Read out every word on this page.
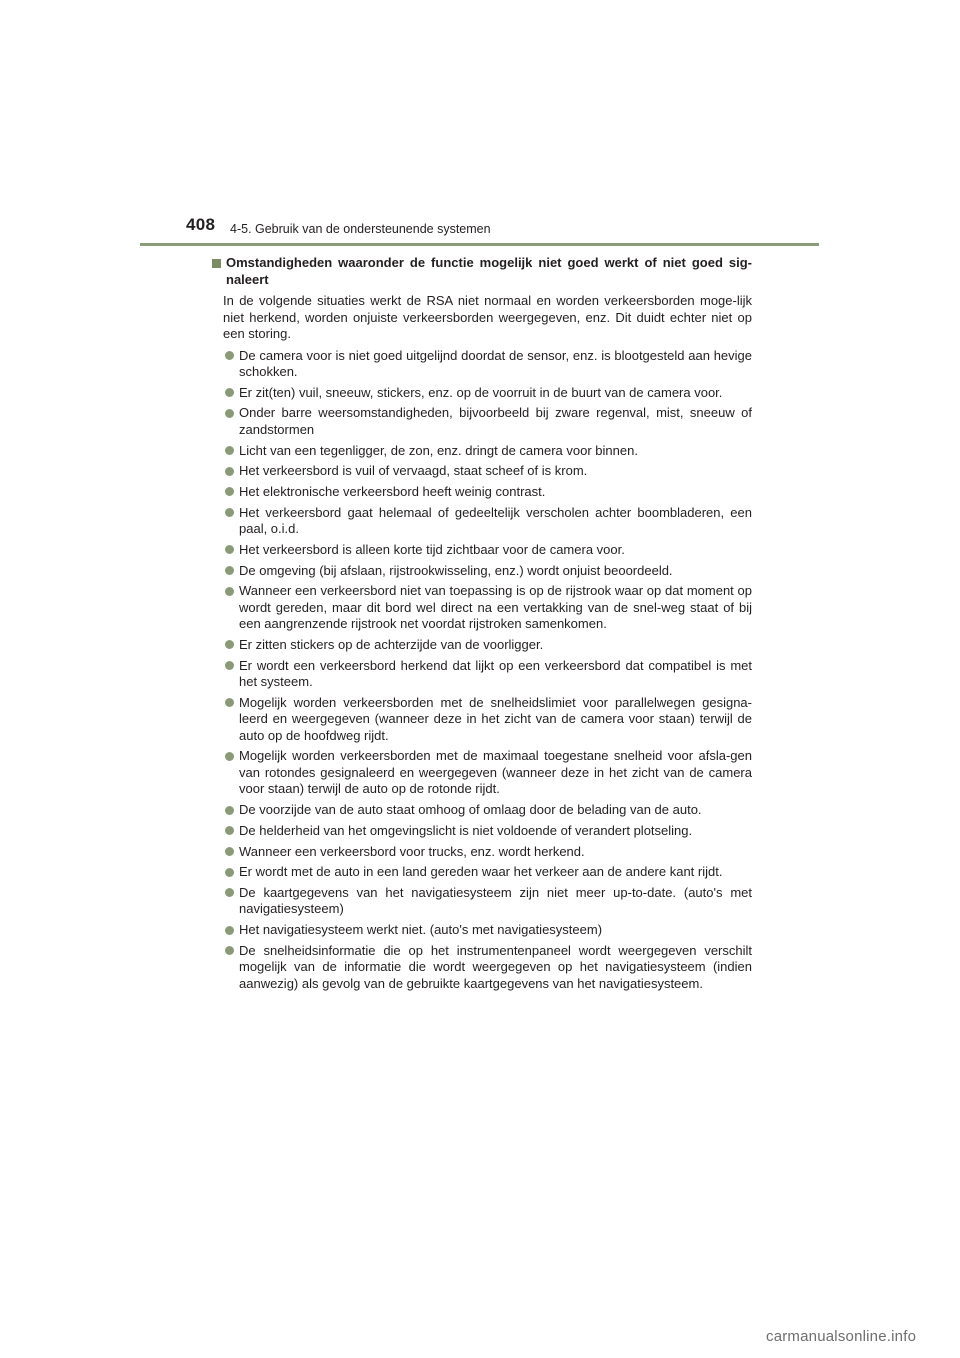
408 4-5. Gebruik van de ondersteunende systemen
Omstandigheden waaronder de functie mogelijk niet goed werkt of niet goed sig-naleert

In de volgende situaties werkt de RSA niet normaal en worden verkeersborden moge-lijk niet herkend, worden onjuiste verkeersborden weergegeven, enz. Dit duidt echter niet op een storing.

De camera voor is niet goed uitgelijnd doordat de sensor, enz. is blootgesteld aan hevige schokken.
Er zit(ten) vuil, sneeuw, stickers, enz. op de voorruit in de buurt van de camera voor.
Onder barre weersomstandigheden, bijvoorbeeld bij zware regenval, mist, sneeuw of zandstormen
Licht van een tegenligger, de zon, enz. dringt de camera voor binnen.
Het verkeersbord is vuil of vervaagd, staat scheef of is krom.
Het elektronische verkeersbord heeft weinig contrast.
Het verkeersbord gaat helemaal of gedeeltelijk verscholen achter boombladeren, een paal, o.i.d.
Het verkeersbord is alleen korte tijd zichtbaar voor de camera voor.
De omgeving (bij afslaan, rijstrookwisseling, enz.) wordt onjuist beoordeeld.
Wanneer een verkeersbord niet van toepassing is op de rijstrook waar op dat moment op wordt gereden, maar dit bord wel direct na een vertakking van de snel-weg staat of bij een aangrenzende rijstrook net voordat rijstroken samenkomen.
Er zitten stickers op de achterzijde van de voorligger.
Er wordt een verkeersbord herkend dat lijkt op een verkeersbord dat compatibel is met het systeem.
Mogelijk worden verkeersborden met de snelheidslimiet voor parallelwegen gesigna-leerd en weergegeven (wanneer deze in het zicht van de camera voor staan) terwijl de auto op de hoofdweg rijdt.
Mogelijk worden verkeersborden met de maximaal toegestane snelheid voor afsla-gen van rotondes gesignaleerd en weergegeven (wanneer deze in het zicht van de camera voor staan) terwijl de auto op de rotonde rijdt.
De voorzijde van de auto staat omhoog of omlaag door de belading van de auto.
De helderheid van het omgevingslicht is niet voldoende of verandert plotseling.
Wanneer een verkeersbord voor trucks, enz. wordt herkend.
Er wordt met de auto in een land gereden waar het verkeer aan de andere kant rijdt.
De kaartgegevens van het navigatiesysteem zijn niet meer up-to-date. (auto's met navigatiesysteem)
Het navigatiesysteem werkt niet. (auto's met navigatiesysteem)
De snelheidsinformatie die op het instrumentenpaneel wordt weergegeven verschilt mogelijk van de informatie die wordt weergegeven op het navigatiesysteem (indien aanwezig) als gevolg van de gebruikte kaartgegevens van het navigatiesysteem.
carmanualsonline.info
